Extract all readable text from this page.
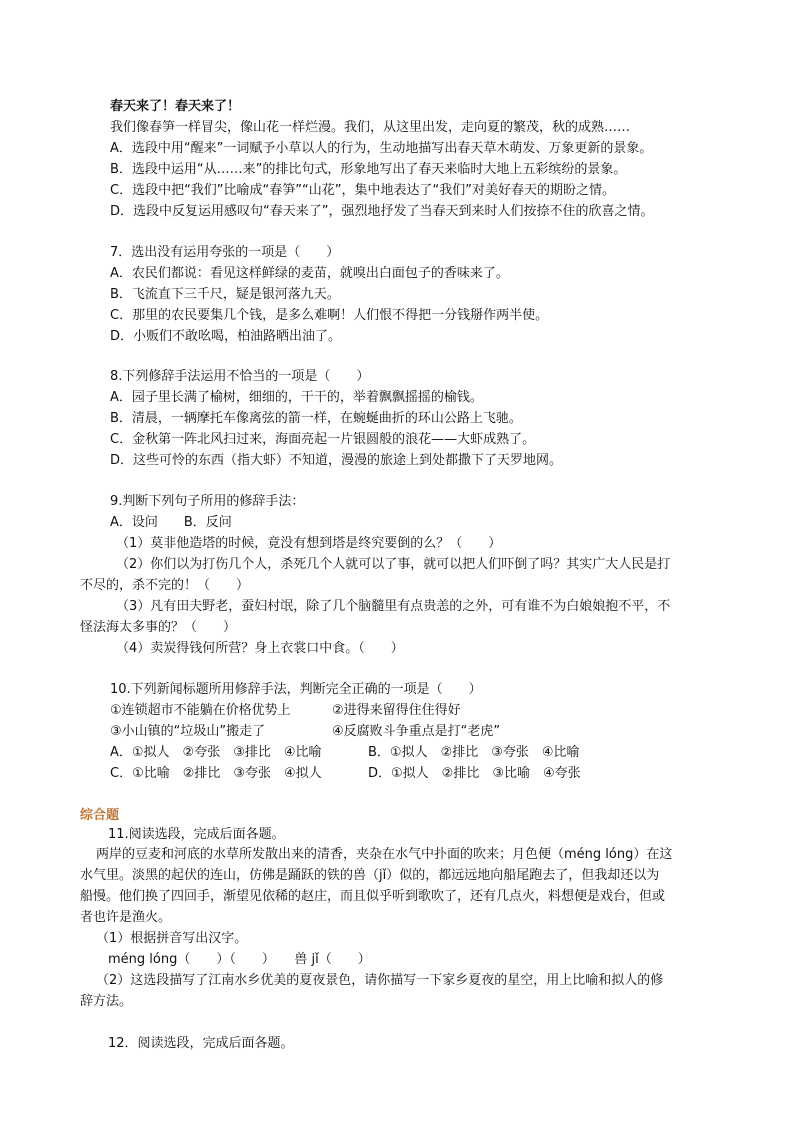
春天来了！春天来了！
我们像春笋一样冒尖，像山花一样烂漫。我们，从这里出发，走向夏的繁茂，秋的成熟……
A．选段中用“醒来”一词赋予小草以人的行为，生动地描写出春天草木萌发、万象更新的景象。
B．选段中运用“从……来”的排比句式，形象地写出了春天来临时大地上五彩缤纷的景象。
C．选段中把“我们”比喻成“春笋”“山花”，集中地表达了“我们”对美好春天的期盼之情。
D．选段中反复运用感叹句“春天来了”，强烈地抒发了当春天到来时人们按捺不住的欣喜之情。
7．选出没有运用夸张的一项是（　　）
A．农民们都说：看见这样鲜绿的麦苗，就嗅出白面包子的香味来了。
B．飞流直下三千尺，疑是银河落九天。
C．那里的农民要集几个钱，是多么难啊！人们恨不得把一分钱掰作两半使。
D．小贩们不敢吆喝，柏油路晒出油了。
8.下列修辞手法运用不恰当的一项是（　　）
A．园子里长满了榆树，细细的，干干的，举着飘飘摇摇的榆钱。
B．清晨，一辆摩托车像离弦的箭一样，在蜿蜒曲折的环山公路上飞驰。
C．金秋第一阵北风扫过来，海面亮起一片银圆般的浪花——大虾成熟了。
D．这些可怜的东西（指大虾）不知道，漫漫的旅途上到处都撒下了天罗地网。
9.判断下列句子所用的修辞手法：
A．设问　　B．反问
（1）莫非他造塔的时候，竟没有想到塔是终究要倒的么？（　　）
（2）你们以为打伤几个人，杀死几个人就可以了事，就可以把人们吓倒了吗？其实广大人民是打
不尽的，杀不完的！（　　）
（3）凡有田夫野老，蚕妇村氓，除了几个脑髓里有点贵恙的之外，可有谁不为白娘娘抱不平，不
怪法海太多事的？（　　）
（4）卖炭得钱何所营？身上衣裳口中食。（　　）
10.下列新闻标题所用修辞手法，判断完全正确的一项是（　　）
①连锁超市不能躺在价格优势上	②进得来留得住住得好
③小山镇的“垃圾山”搬走了	④反腐败斗争重点是打“老虎”
A．①拟人　②夸张　③排比　④比喻	B．①拟人　②排比　③夸张　④比喻
C．①比喻　②排比　③夸张　④拟人	D．①拟人　②排比　③比喻　④夸张
综合题
11.阅读选段，完成后面各题。
两岸的豆麦和河底的水草所发散出来的清香，夹杂在水气中扑面的吹来；月色便（méng lóng）在这
水气里。淡黑的起伏的连山，仿佛是踊跃的铁的兽（jǐ）似的，都远远地向船尾跑去了，但我却还以为
船慢。他们换了四回手，渐望见依稀的赵庄，而且似乎听到歌吹了，还有几点火，料想便是戏台，但或
者也许是渔火。
（1）根据拼音写出汉字。
méng lóng（　　）（　　）　　兽 jǐ（　　）
（2）这选段描写了江南水乡优美的夏夜景色，请你描写一下家乡夏夜的星空，用上比喻和拟人的修
辞方法。
12．阅读选段，完成后面各题。
